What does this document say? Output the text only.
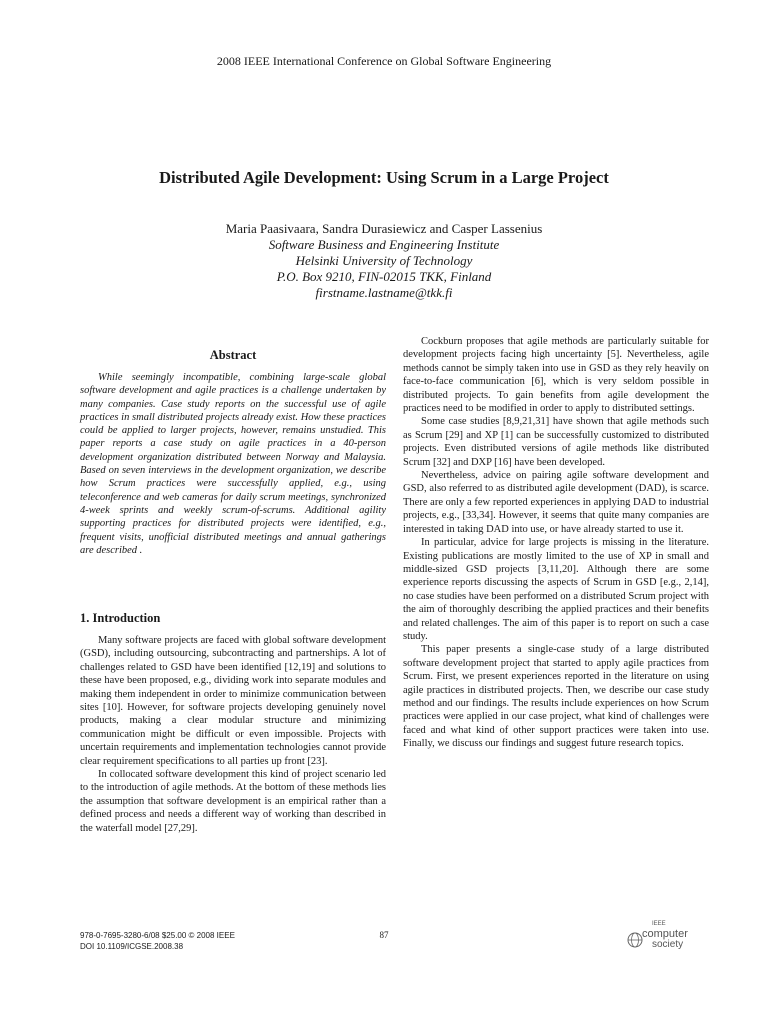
2008 IEEE International Conference on Global Software Engineering
Distributed Agile Development: Using Scrum in a Large Project
Maria Paasivaara, Sandra Durasiewicz and Casper Lassenius
Software Business and Engineering Institute
Helsinki University of Technology
P.O. Box 9210, FIN-02015 TKK, Finland
firstname.lastname@tkk.fi
Abstract

While seemingly incompatible, combining large-scale global software development and agile practices is a challenge undertaken by many companies. Case study reports on the successful use of agile practices in small distributed projects already exist. How these practices could be applied to larger projects, however, remains unstudied. This paper reports a case study on agile practices in a 40-person development organization distributed between Norway and Malaysia. Based on seven interviews in the development organization, we describe how Scrum practices were successfully applied, e.g., using teleconference and web cameras for daily scrum meetings, synchronized 4-week sprints and weekly scrum-of-scrums. Additional agility supporting practices for distributed projects were identified, e.g., frequent visits, unofficial distributed meetings and annual gatherings are described .

1. Introduction

Many software projects are faced with global software development (GSD), including outsourcing, subcontracting and partnerships. A lot of challenges related to GSD have been identified [12,19] and solutions to these have been proposed, e.g., dividing work into separate modules and making them independent in order to minimize communication between sites [10]. However, for software projects developing genuinely novel products, making a clear modular structure and minimizing communication might be difficult or even impossible. Projects with uncertain requirements and implementation technologies cannot provide clear requirement specifications to all parties up front [23].

In collocated software development this kind of project scenario led to the introduction of agile methods. At the bottom of these methods lies the assumption that software development is an empirical rather than a defined process and needs a different way of working than described in the waterfall model [27,29].

Cockburn proposes that agile methods are particularly suitable for development projects facing high uncertainty [5]. Nevertheless, agile methods cannot be simply taken into use in GSD as they rely heavily on face-to-face communication [6], which is very seldom possible in distributed projects. To gain benefits from agile development the practices need to be modified in order to apply to distributed settings.

Some case studies [8,9,21,31] have shown that agile methods such as Scrum [29] and XP [1] can be successfully customized to distributed projects. Even distributed versions of agile methods like distributed Scrum [32] and DXP [16] have been developed.

Nevertheless, advice on pairing agile software development and GSD, also referred to as distributed agile development (DAD), is scarce. There are only a few reported experiences in applying DAD to industrial projects, e.g., [33,34]. However, it seems that quite many companies are interested in taking DAD into use, or have already started to use it.

In particular, advice for large projects is missing in the literature. Existing publications are mostly limited to the use of XP in small and middle-sized GSD projects [3,11,20]. Although there are some experience reports discussing the aspects of Scrum in GSD [e.g., 2,14], no case studies have been performed on a distributed Scrum project with the aim of thoroughly describing the applied practices and their benefits and related challenges. The aim of this paper is to report on such a case study.

This paper presents a single-case study of a large distributed software development project that started to apply agile practices from Scrum. First, we present experiences reported in the literature on using agile practices in distributed projects. Then, we describe our case study method and our findings. The results include experiences on how Scrum practices were applied in our case project, what kind of challenges were faced and what kind of other support practices were taken into use. Finally, we discuss our findings and suggest future research topics.

978-0-7695-3280-6/08 $25.00 © 2008 IEEE
DOI 10.1109/ICGSE.2008.38
87
IEEE
computer
society
